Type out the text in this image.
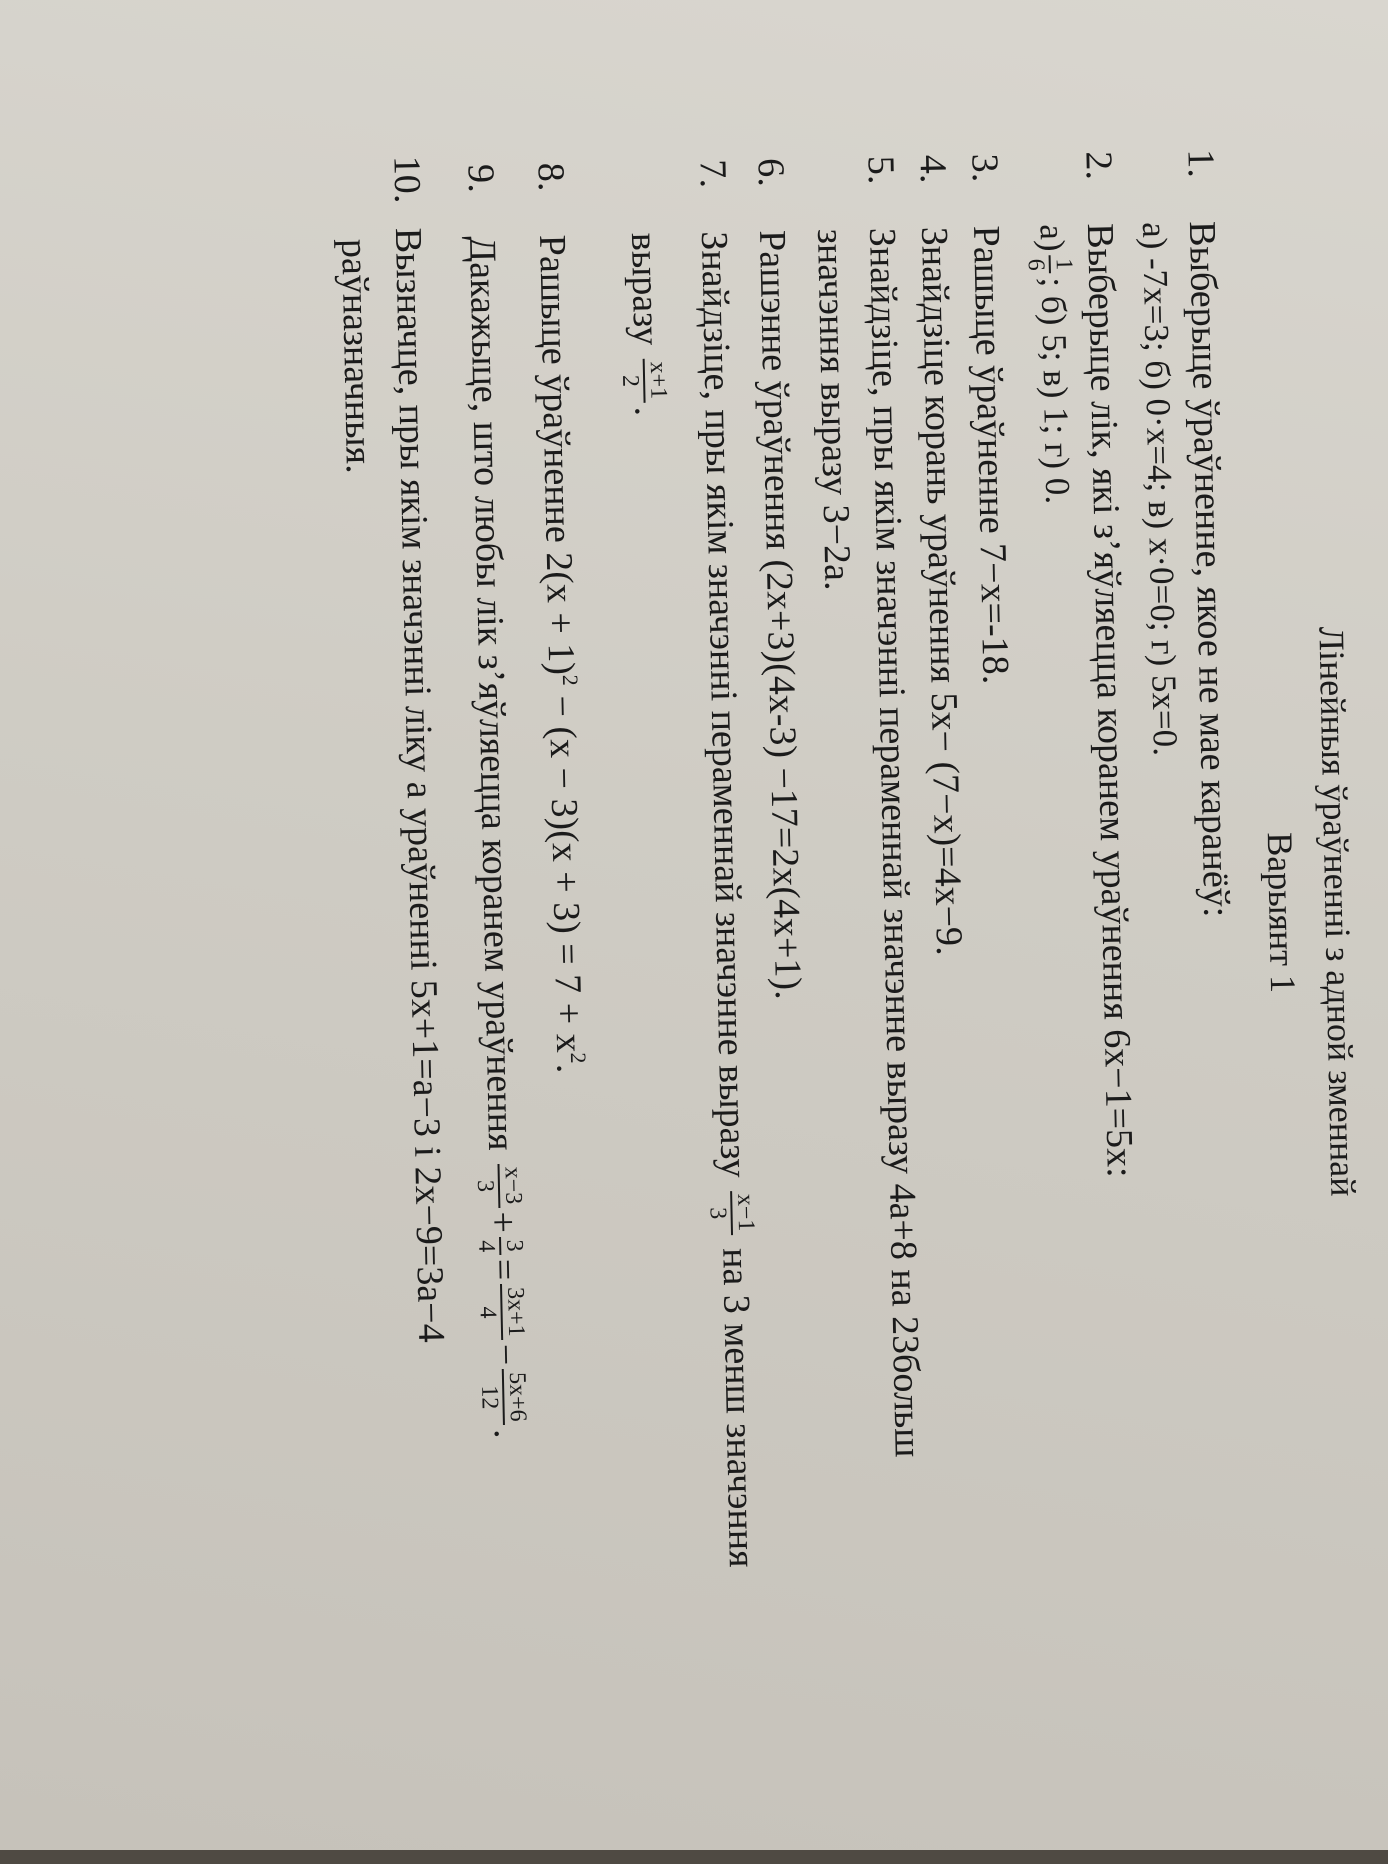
Лінейныя ўраўненні з адной зменнай
Варыянт 1
1.Выберыце ўраўненне, якое не мае каранёў:
а) -7x=3; б) 0·x=4; в) x·0=0; г) 5x=0.
2.Выберыце лік, які з’яўляецца коранем ураўнення 6x−1=5x:
а)
1
6
; б) 5; в) 1; г) 0.
3.Рашыце ўраўненне 7−x=-18.
4.Знайдзіце корань ураўнення 5x− (7−x)=4x−9.
5.Знайдзіце, пры якім значэнні пераменнай значэнне выразу 4a+8 на 23больш
значэння выразу 3−2a.
6.Рашэнне ўраўнення (2x+3)(4x-3) −17=2x(4x+1).
7.Знайдзіце, пры якім значэнні пераменнай значэнне выразу
x−1
3
на 3 менш значэння
выразу
x+1
2
.
8.Рашыце ўраўненне $2(x + 1)^2 - (x - 3)(x + 3) = 7 + x^2$.
9.Дакажыце, што любы лік з’яўляецца коранем ураўнення
x−3
3
+
3
4
=
3x+1
4
−
5x+6
12
.
10.Вызначце, пры якім значэнні ліку а ураўненні 5x+1=a−3 і 2x−9=3a−4
раўназначныя.
